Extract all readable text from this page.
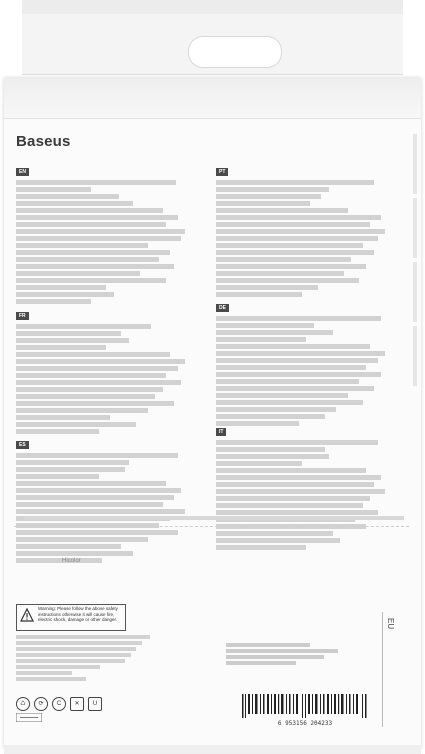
Baseus
EN
FR
ES
PT
DE
IT
Hicolor
Warning: Please follow the above safety instructions otherwise it will cause fire, electric shock, damage or other danger.
♺	⟳	C	✕	U
EU
6 953156 204233
